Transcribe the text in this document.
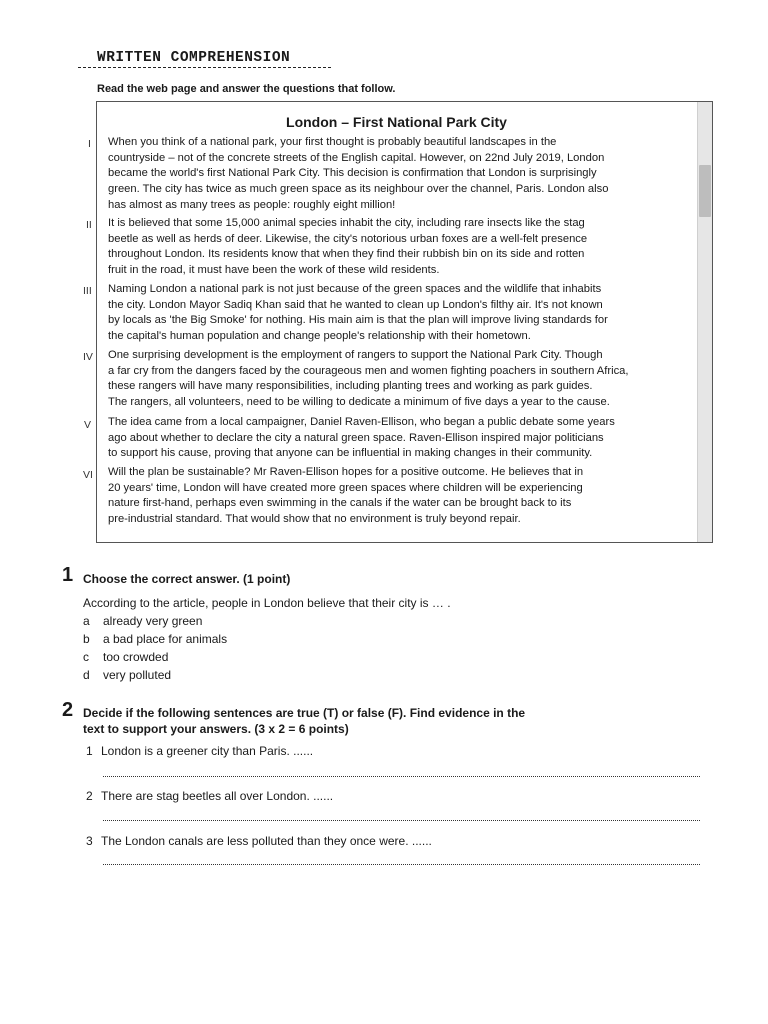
WRITTEN COMPREHENSION
Read the web page and answer the questions that follow.
I
II
III
IV
V
VI
London – First National Park City
When you think of a national park, your first thought is probably beautiful landscapes in the
countryside – not of the concrete streets of the English capital. However, on 22nd July 2019, London
became the world's first National Park City. This decision is confirmation that London is surprisingly
green. The city has twice as much green space as its neighbour over the channel, Paris. London also
has almost as many trees as people: roughly eight million!
It is believed that some 15,000 animal species inhabit the city, including rare insects like the stag
beetle as well as herds of deer. Likewise, the city's notorious urban foxes are a well-felt presence
throughout London. Its residents know that when they find their rubbish bin on its side and rotten
fruit in the road, it must have been the work of these wild residents.
Naming London a national park is not just because of the green spaces and the wildlife that inhabits
the city. London Mayor Sadiq Khan said that he wanted to clean up London's filthy air. It's not known
by locals as 'the Big Smoke' for nothing. His main aim is that the plan will improve living standards for
the capital's human population and change people's relationship with their hometown.
One surprising development is the employment of rangers to support the National Park City. Though
a far cry from the dangers faced by the courageous men and women fighting poachers in southern Africa,
these rangers will have many responsibilities, including planting trees and working as park guides.
The rangers, all volunteers, need to be willing to dedicate a minimum of five days a year to the cause.
The idea came from a local campaigner, Daniel Raven-Ellison, who began a public debate some years
ago about whether to declare the city a natural green space. Raven-Ellison inspired major politicians
to support his cause, proving that anyone can be influential in making changes in their community.
Will the plan be sustainable? Mr Raven-Ellison hopes for a positive outcome. He believes that in
20 years' time, London will have created more green spaces where children will be experiencing
nature first-hand, perhaps even swimming in the canals if the water can be brought back to its
pre-industrial standard. That would show that no environment is truly beyond repair.
1 Choose the correct answer. (1 point)
According to the article, people in London believe that their city is … .
a already very green
b a bad place for animals
c too crowded
d very polluted
2 Decide if the following sentences are true (T) or false (F). Find evidence in the
text to support your answers. (3 x 2 = 6 points)
1 London is a greener city than Paris. ......
2 There are stag beetles all over London. ......
3 The London canals are less polluted than they once were. ......
